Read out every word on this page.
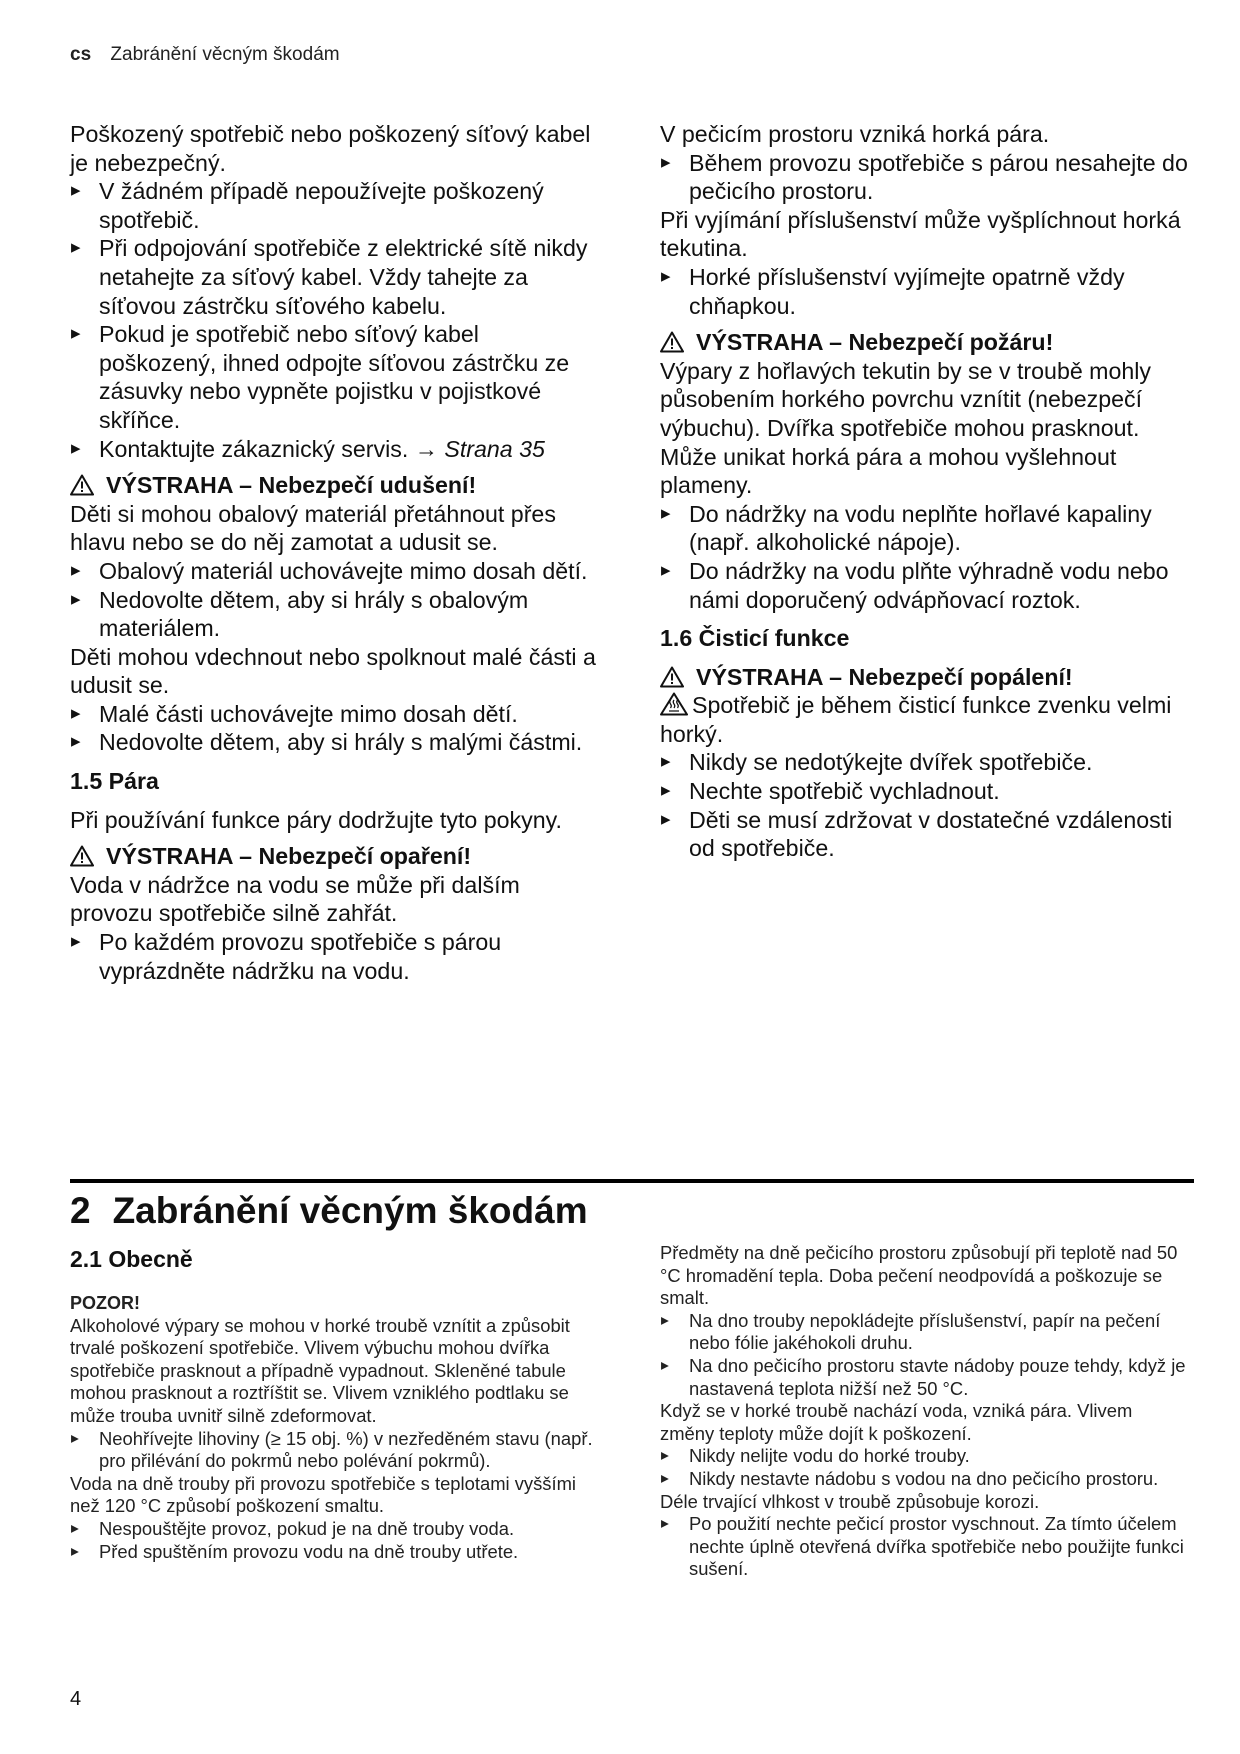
cs Zabránění věcným škodám

Poškozený spotřebič nebo poškozený síťový kabel je nebezpečný.

▸ V žádném případě nepoužívejte poškozený spotřebič.
▸ Při odpojování spotřebiče z elektrické sítě nikdy netahejte za síťový kabel. Vždy tahejte za síťovou zástrčku síťového kabelu.
▸ Pokud je spotřebič nebo síťový kabel poškozený, ihned odpojte síťovou zástrčku ze zásuvky nebo vypněte pojistku v pojistkové skříňce.
▸ Kontaktujte zákaznický servis. → Strana 35

VÝSTRAHA – Nebezpečí udušení!

Děti si mohou obalový materiál přetáhnout přes hlavu nebo se do něj zamotat a udusit se.

▸ Obalový materiál uchovávejte mimo dosah dětí.
▸ Nedovolte dětem, aby si hrály s obalovým materiálem.

Děti mohou vdechnout nebo spolknout malé části a udusit se.

▸ Malé části uchovávejte mimo dosah dětí.
▸ Nedovolte dětem, aby si hrály s malými částmi.
1.5 Pára

Při používání funkce páry dodržujte tyto pokyny.

VÝSTRAHA – Nebezpečí opaření!

Voda v nádržce na vodu se může při dalším provozu spotřebiče silně zahřát.

▸ Po každém provozu spotřebiče s párou vyprázdněte nádržku na vodu.

V pečicím prostoru vzniká horká pára.

▸ Během provozu spotřebiče s párou nesahejte do pečicího prostoru.

Při vyjímání příslušenství může vyšplíchnout horká tekutina.

▸ Horké příslušenství vyjímejte opatrně vždy chňapkou.

VÝSTRAHA – Nebezpečí požáru!

Výpary z hořlavých tekutin by se v troubě mohly působením horkého povrchu vznítit (nebezpečí výbuchu). Dvířka spotřebiče mohou prasknout. Může unikat horká pára a mohou vyšlehnout plameny.

▸ Do nádržky na vodu neplňte hořlavé kapaliny (např. alkoholické nápoje).
▸ Do nádržky na vodu plňte výhradně vodu nebo námi doporučený odvápňovací roztok.
1.6 Čisticí funkce

VÝSTRAHA – Nebezpečí popálení!

Spotřebič je během čisticí funkce zvenku velmi horký.

▸ Nikdy se nedotýkejte dvířek spotřebiče.
▸ Nechte spotřebič vychladnout.
▸ Děti se musí zdržovat v dostatečné vzdálenosti od spotřebiče.
2 Zabránění věcným škodám
2.1 Obecně

POZOR!

Alkoholové výpary se mohou v horké troubě vznítit a způsobit trvalé poškození spotřebiče. Vlivem výbuchu mohou dvířka spotřebiče prasknout a případně vypadnout. Skleněné tabule mohou prasknout a roztříštit se. Vlivem vzniklého podtlaku se může trouba uvnitř silně zdeformovat.

▸ Neohřívejte lihoviny (≥ 15 obj. %) v nezředěném stavu (např. pro přilévání do pokrmů nebo polévání pokrmů).

Voda na dně trouby při provozu spotřebiče s teplotami vyššími než 120 °C způsobí poškození smaltu.

▸ Nespouštějte provoz, pokud je na dně trouby voda.
▸ Před spuštěním provozu vodu na dně trouby utřete.

Předměty na dně pečicího prostoru způsobují při teplotě nad 50 °C hromadění tepla. Doba pečení neodpovídá a poškozuje se smalt.

▸ Na dno trouby nepokládejte příslušenství, papír na pečení nebo fólie jakéhokoli druhu.
▸ Na dno pečicího prostoru stavte nádoby pouze tehdy, když je nastavená teplota nižší než 50 °C.

Když se v horké troubě nachází voda, vzniká pára. Vlivem změny teploty může dojít k poškození.

▸ Nikdy nelijte vodu do horké trouby.
▸ Nikdy nestavte nádobu s vodou na dno pečicího prostoru.

Déle trvající vlhkost v troubě způsobuje korozi.

▸ Po použití nechte pečicí prostor vyschnout. Za tímto účelem nechte úplně otevřená dvířka spotřebiče nebo použijte funkci sušení.
4
